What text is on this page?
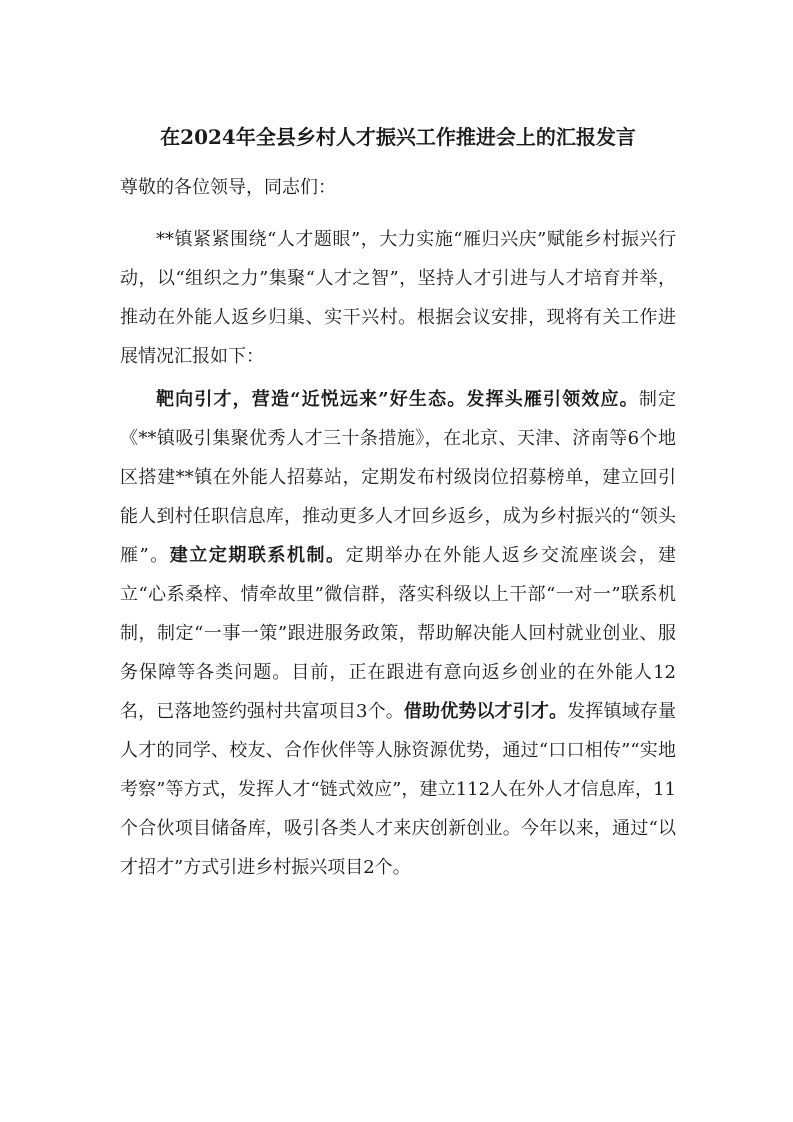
在2024年全县乡村人才振兴工作推进会上的汇报发言

尊敬的各位领导，同志们：

**镇紧紧围绕“人才题眼”，大力实施“雁归兴庆”赋能乡村振兴行动，以“组织之力”集聚“人才之智”，坚持人才引进与人才培育并举，推动在外能人返乡归巢、实干兴村。根据会议安排，现将有关工作进展情况汇报如下：

靶向引才，营造“近悦远来”好生态。发挥头雁引领效应。制定《**镇吸引集聚优秀人才三十条措施》，在北京、天津、济南等6个地区搭建**镇在外能人招募站，定期发布村级岗位招募榜单，建立回引能人到村任职信息库，推动更多人才回乡返乡，成为乡村振兴的“领头雁”。建立定期联系机制。定期举办在外能人返乡交流座谈会，建立“心系桑梓、情牵故里”微信群，落实科级以上干部“一对一”联系机制，制定“一事一策”跟进服务政策，帮助解决能人回村就业创业、服务保障等各类问题。目前，正在跟进有意向返乡创业的在外能人12名，已落地签约强村共富项目3个。借助优势以才引才。发挥镇域存量人才的同学、校友、合作伙伴等人脉资源优势，通过“口口相传”“实地考察”等方式，发挥人才“链式效应”，建立112人在外人才信息库，11个合伙项目储备库，吸引各类人才来庆创新创业。今年以来，通过“以才招才”方式引进乡村振兴项目2个。
